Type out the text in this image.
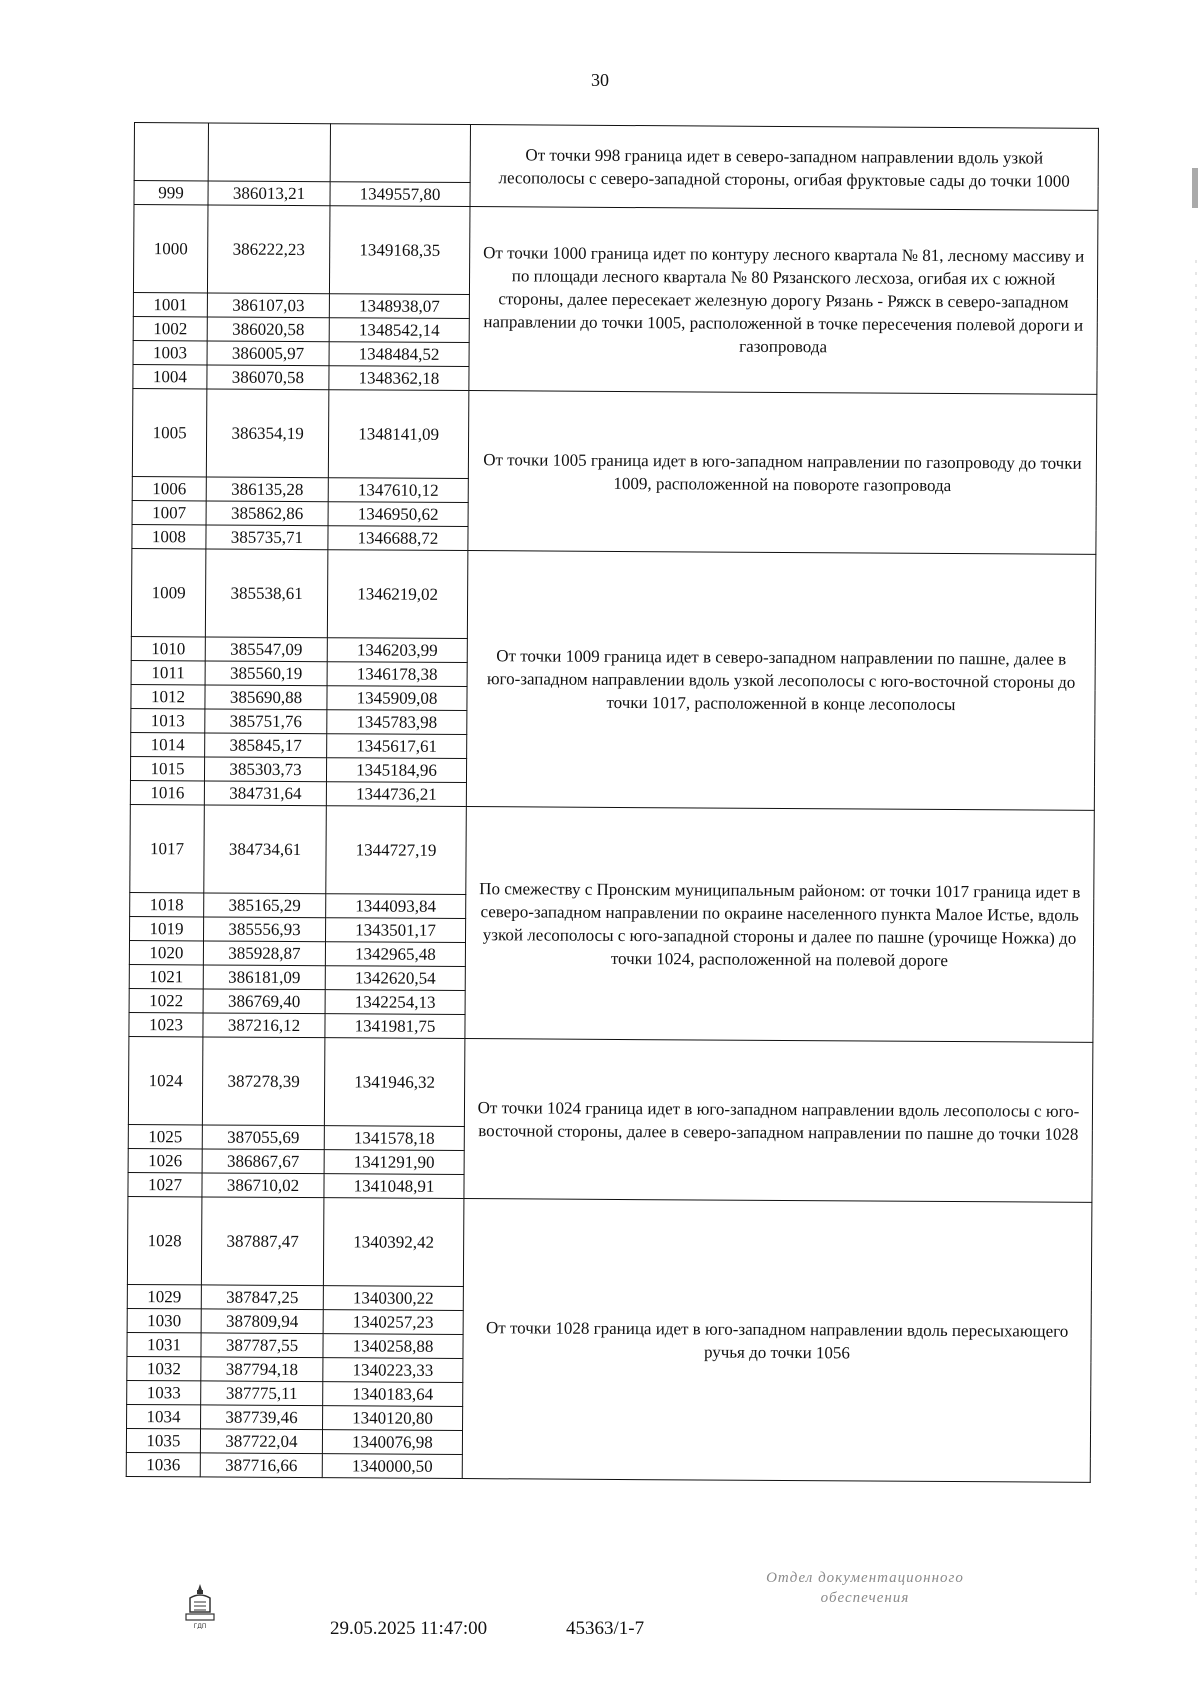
30
			От точки 998 граница идет в северо-западном направлении вдоль узкой лесополосы с северо-западной стороны, огибая фруктовые сады до точки 1000
999	386013,21	1349557,80	
1000	386222,23	1349168,35	От точки 1000 граница идет по контуру лесного квартала № 81, лесному массиву и по площади лесного квартала № 80 Рязанского лесхоза, огибая их с южной стороны, далее пересекает железную дорогу Рязань - Ряжск в северо-западном направлении до точки 1005, расположенной в точке пересечения полевой дороги и газопровода
1001	386107,03	1348938,07	
1002	386020,58	1348542,14	
1003	386005,97	1348484,52	
1004	386070,58	1348362,18	
1005	386354,19	1348141,09	От точки 1005 граница идет в юго-западном направлении по газопроводу до точки 1009, расположенной на повороте газопровода
1006	386135,28	1347610,12	
1007	385862,86	1346950,62	
1008	385735,71	1346688,72	
1009	385538,61	1346219,02	От точки 1009 граница идет в северо-западном направлении по пашне, далее в юго-западном направлении вдоль узкой лесополосы с юго-восточной стороны до точки 1017, расположенной в конце лесополосы
1010	385547,09	1346203,99	
1011	385560,19	1346178,38	
1012	385690,88	1345909,08	
1013	385751,76	1345783,98	
1014	385845,17	1345617,61	
1015	385303,73	1345184,96	
1016	384731,64	1344736,21	
1017	384734,61	1344727,19	По смежеству с Пронским муниципальным районом: от точки 1017 граница идет в северо-западном направлении по окраине населенного пункта Малое Истье, вдоль узкой лесополосы с юго-западной стороны и далее по пашне (урочище Ножка) до точки 1024, расположенной на полевой дороге
1018	385165,29	1344093,84	
1019	385556,93	1343501,17	
1020	385928,87	1342965,48	
1021	386181,09	1342620,54	
1022	386769,40	1342254,13	
1023	387216,12	1341981,75	
1024	387278,39	1341946,32	От точки 1024 граница идет в юго-западном направлении вдоль лесополосы с юго-восточной стороны, далее в северо-западном направлении по пашне до точки 1028
1025	387055,69	1341578,18	
1026	386867,67	1341291,90	
1027	386710,02	1341048,91	
1028	387887,47	1340392,42	От точки 1028 граница идет в юго-западном направлении вдоль пересыхающего ручья до точки 1056
1029	387847,25	1340300,22	
1030	387809,94	1340257,23	
1031	387787,55	1340258,88	
1032	387794,18	1340223,33	
1033	387775,11	1340183,64	
1034	387739,46	1340120,80	
1035	387722,04	1340076,98	
1036	387716,66	1340000,50	
ГДП	29.05.2025 11:47:00	45363/1-7
Отдел документационного
обеспечения
